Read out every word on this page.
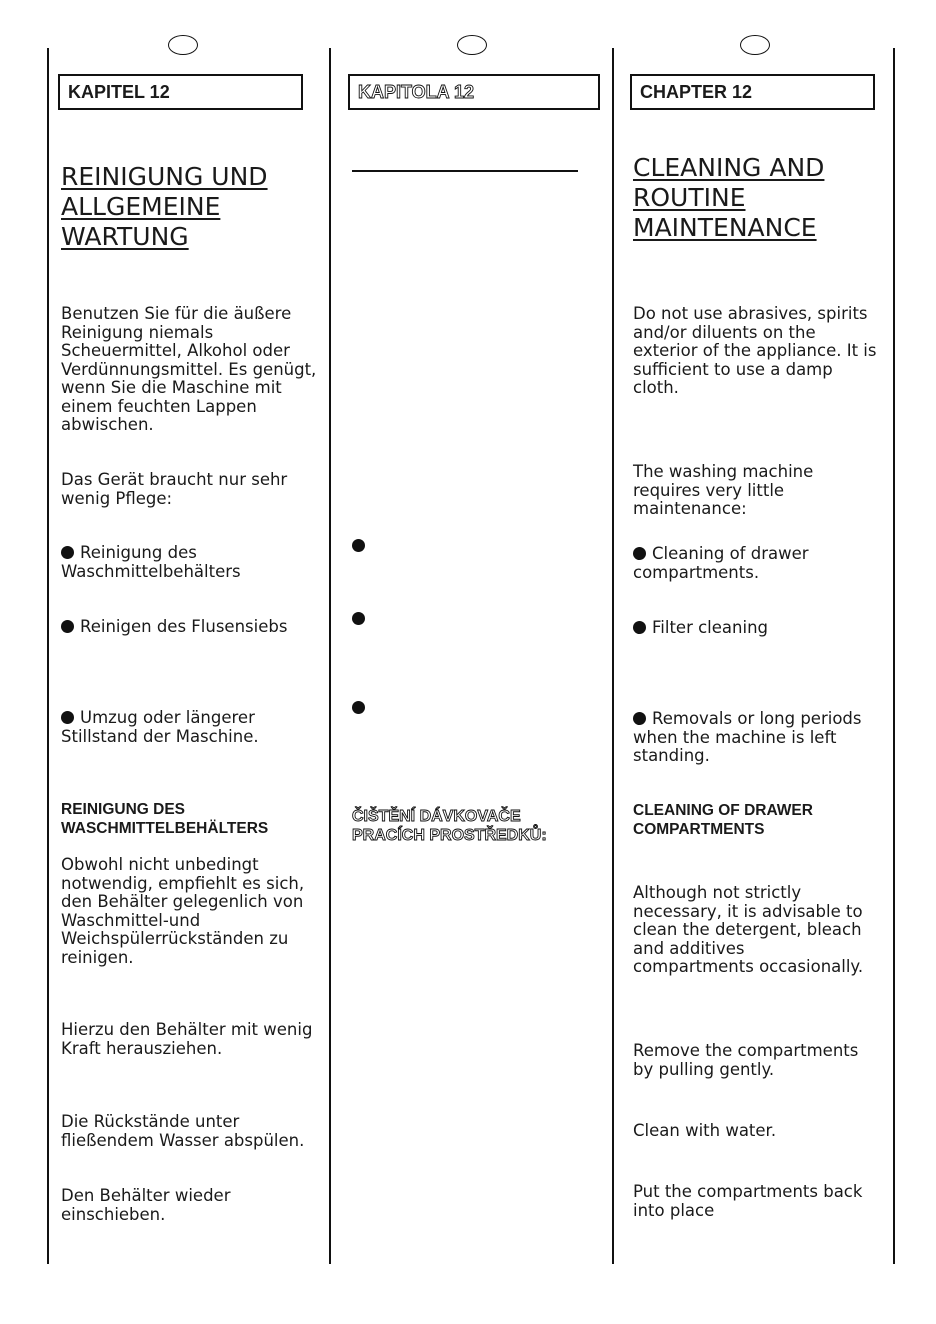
KAPITEL 12
REINIGUNG UND
ALLGEMEINE
WARTUNG
Benutzen Sie für die äußere
Reinigung niemals
Scheuermittel, Alkohol oder
Verdünnungsmittel. Es genügt,
wenn Sie die Maschine mit
einem feuchten Lappen
abwischen.
Das Gerät braucht nur sehr
wenig Pflege:
Reinigung des
Waschmittelbehälters
Reinigen des Flusensiebs
Umzug oder längerer
Stillstand der Maschine.
REINIGUNG DES
WASCHMITTELBEHÄLTERS
Obwohl nicht unbedingt
notwendig, empfiehlt es sich,
den Behälter gelegenlich von
Waschmittel-und
Weichspülerrückständen zu
reinigen.
Hierzu den Behälter mit wenig
Kraft herausziehen.
Die Rückstände unter
fließendem Wasser abspülen.
Den Behälter wieder
einschieben.
KAPITOLA 12
ČIŠTĚNÍ DÁVKOVAČE
PRACÍCH PROSTŘEDKŮ:
CHAPTER 12
CLEANING AND
ROUTINE
MAINTENANCE
Do not use abrasives, spirits
and/or diluents on the
exterior of the appliance. It is
sufficient to use a damp
cloth.
The washing machine
requires very little
maintenance:
Cleaning of drawer
compartments.
Filter cleaning
Removals or long periods
when the machine is left
standing.
CLEANING OF DRAWER
COMPARTMENTS
Although not strictly
necessary, it is advisable to
clean the detergent, bleach
and additives
compartments occasionally.
Remove the compartments
by pulling gently.
Clean with water.
Put the compartments back
into place
